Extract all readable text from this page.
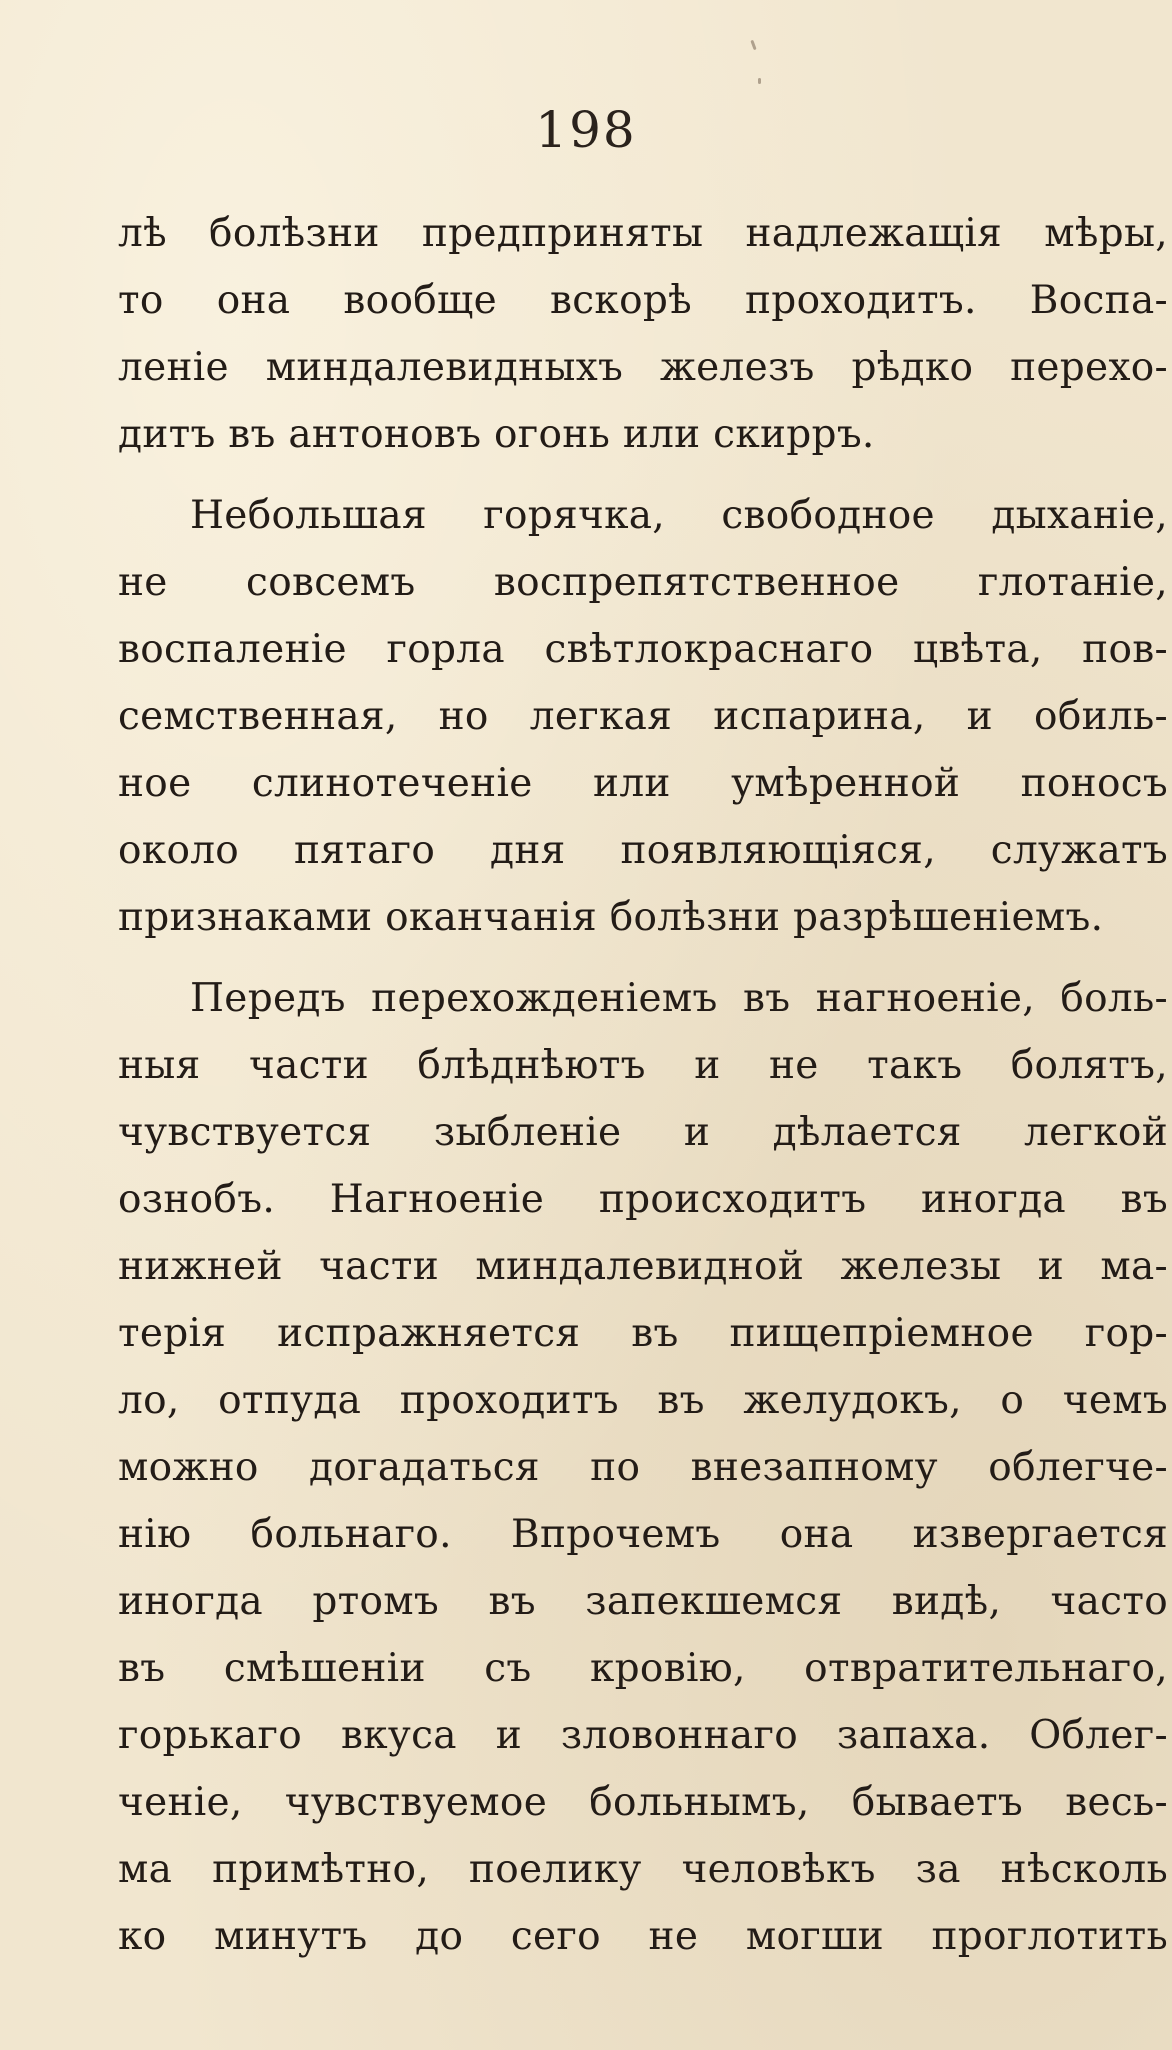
198
лѣ болѣзни предприняты надлежащія мѣры,
то она вообще вскорѣ проходитъ. Воспа-
леніе миндалевидныхъ железъ рѣдко перехо-
дитъ въ антоновъ огонь или скирръ.
Небольшая горячка, свободное дыханіе,
не совсемъ воспрепятственное глотаніе,
воспаленіе горла свѣтлокраснаго цвѣта, пов-
семственная, но легкая испарина, и обиль-
ное слинотеченіе или умѣренной поносъ
около пятаго дня появляющіяся, служатъ
признаками оканчанія болѣзни разрѣшеніемъ.
Передъ перехожденіемъ въ нагноеніе, боль-
ныя части блѣднѣютъ и не такъ болятъ,
чувствуется зыбленіе и дѣлается легкой
ознобъ. Нагноеніе происходитъ иногда въ
нижней части миндалевидной железы и ма-
терія испражняется въ пищепріемное гор-
ло, отпуда проходитъ въ желудокъ, о чемъ
можно догадаться по внезапному облегче-
нію больнаго. Впрочемъ она извергается
иногда ртомъ въ запекшемся видѣ, часто
въ смѣшеніи съ кровію, отвратительнаго,
горькаго вкуса и зловоннаго запаха. Облег-
ченіе, чувствуемое больнымъ, бываетъ весь-
ма примѣтно, поелику человѣкъ за нѣсколь
ко минутъ до сего не могши проглотить
